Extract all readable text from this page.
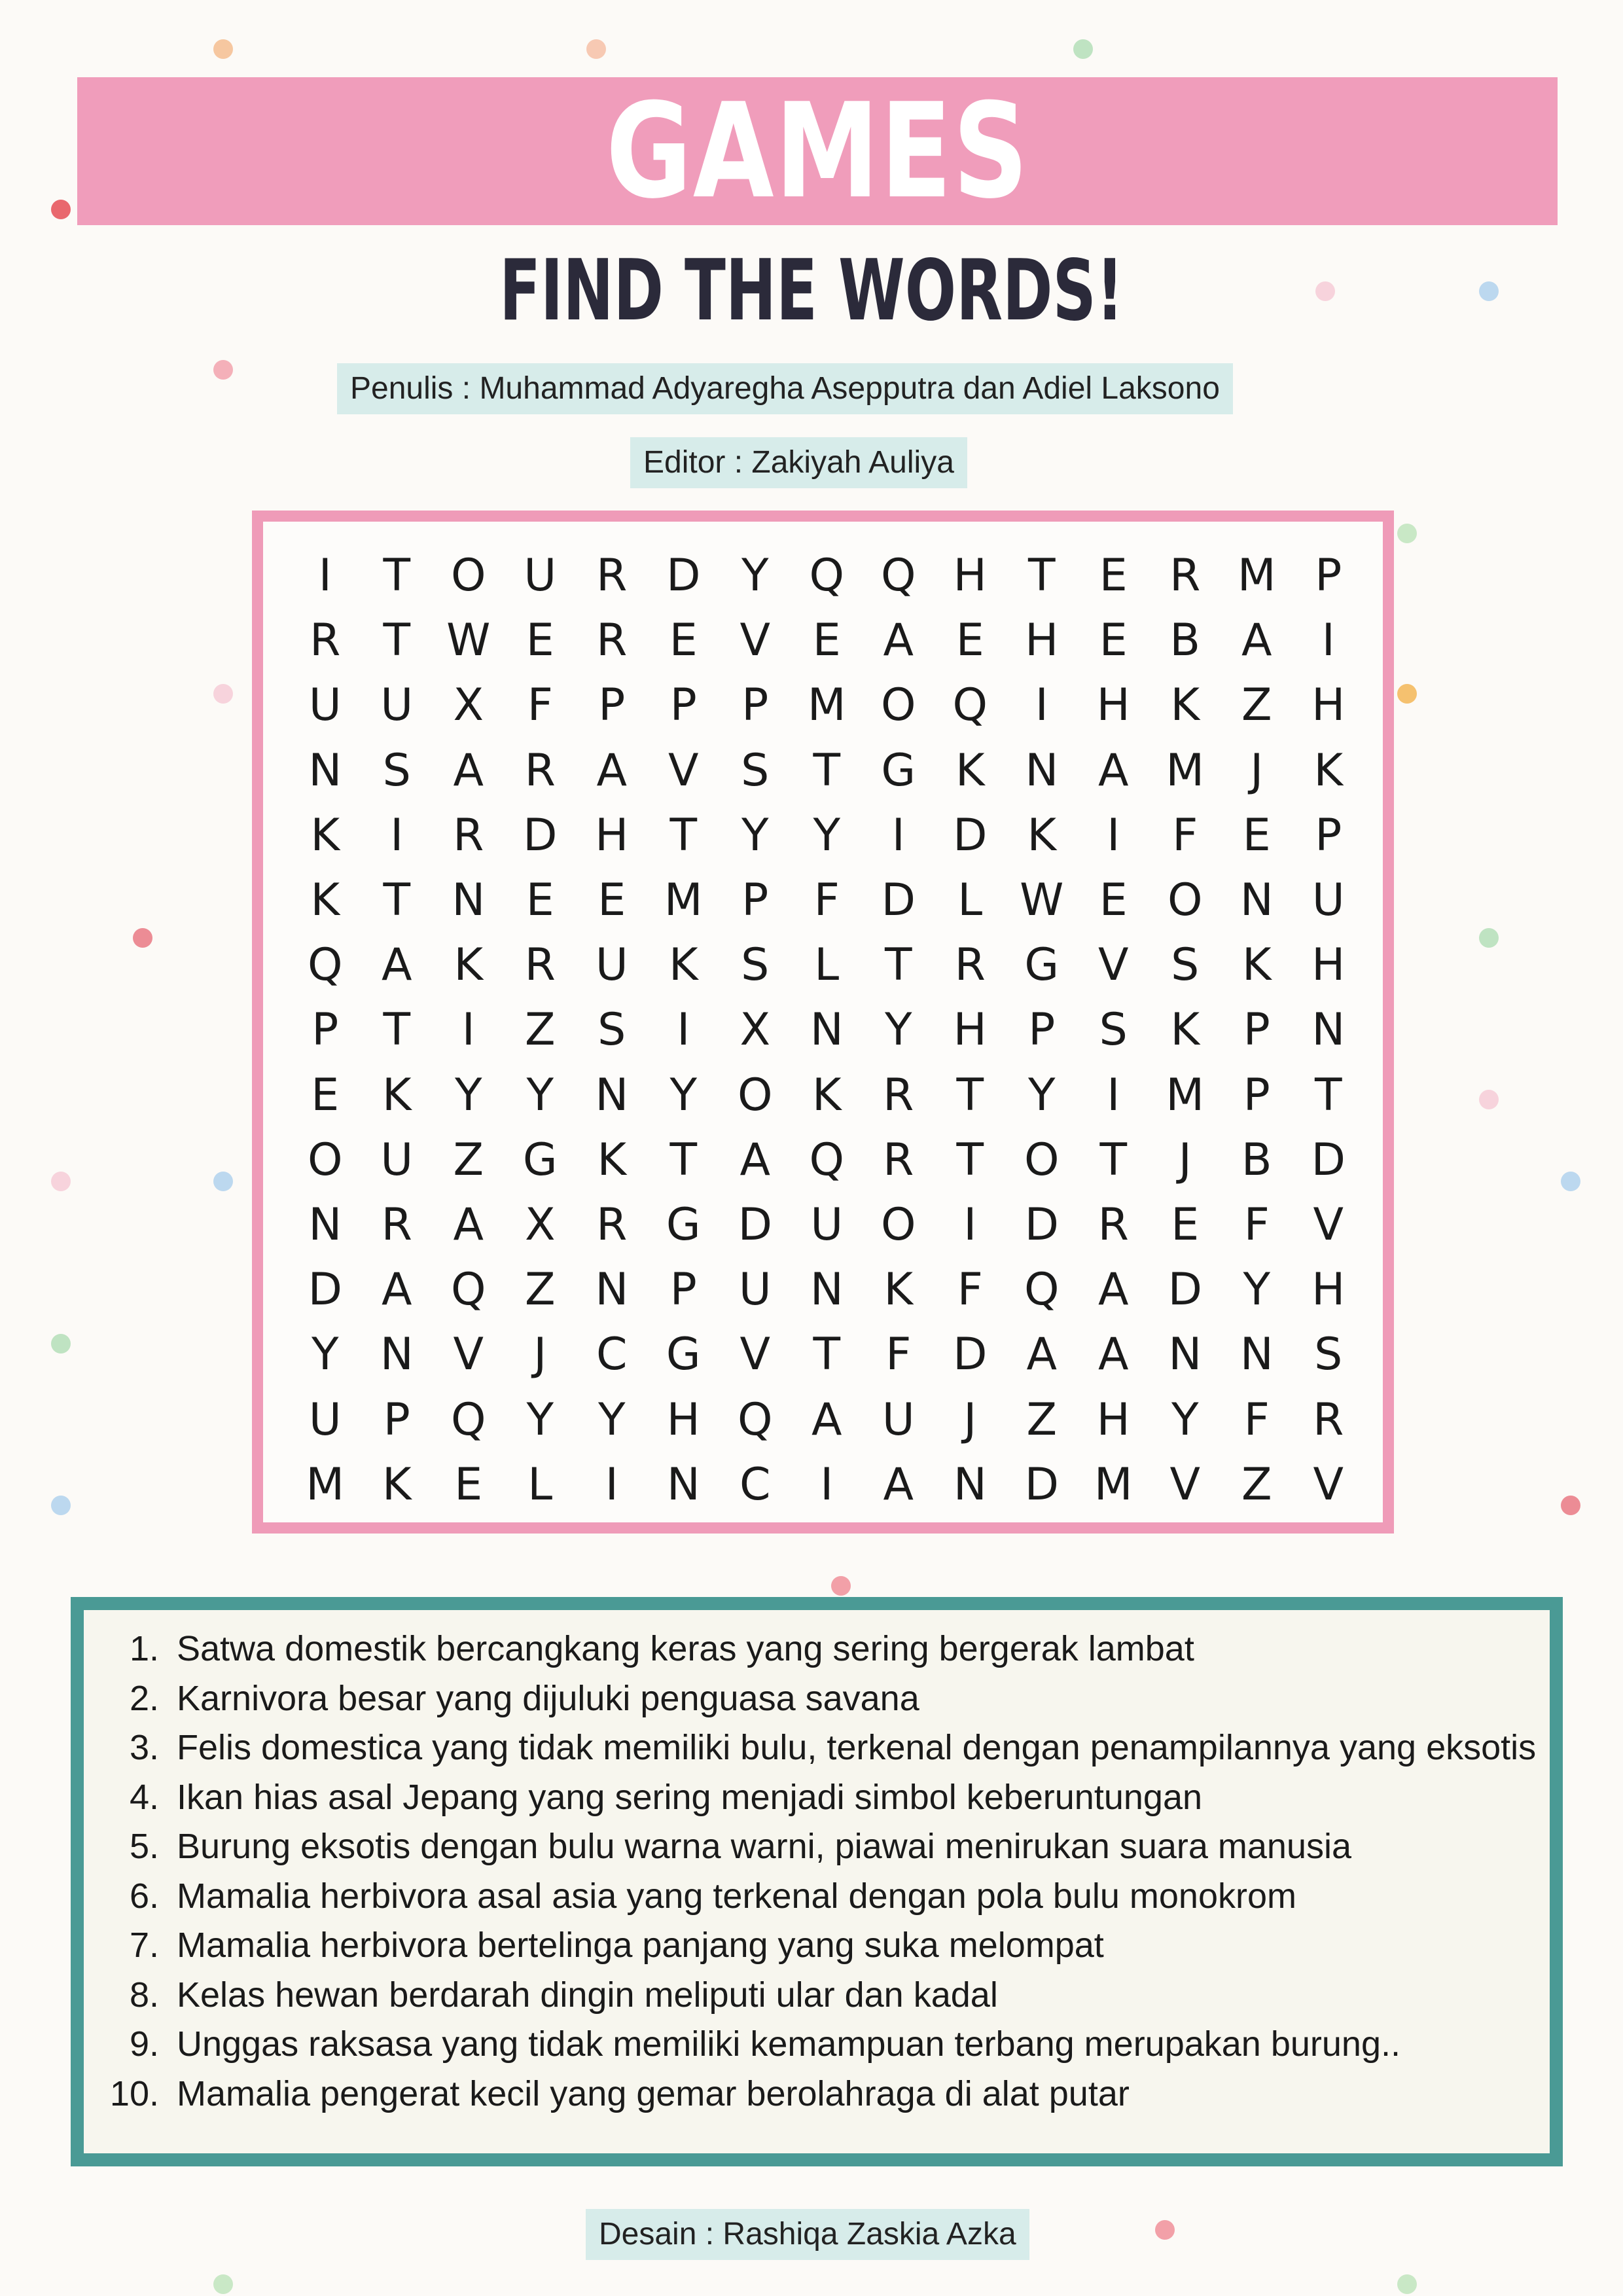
GAMES
FIND THE WORDS!
Penulis : Muhammad Adyaregha Asepputra dan Adiel Laksono
Editor : Zakiyah Auliya
I	T O U R D Y Q Q H T E R M P
R T W E R E V E A E H E B A	I
U U X F	P	P	P M O Q	I	H K Z H
N S A R A V S T G K N A M	J	K
K	I	R D H T Y Y	I	D K	I	F	E P
K T N E E M P	F D L W E O N U
Q A K R U K S	L	T R G V S K H
P	T	I	Z S	I	X N Y H P S K P N
E K Y Y N Y O K R T Y	I	M P	T
O U Z G K T A Q R T O T	J	B D
N R A X R G D U O	I	D R E	F V
D A Q Z N P U N K F Q A D Y H
Y N V	J	C G V T	F D A A N N S
U P Q Y Y H Q A U	J	Z H Y	F R
M K E	L	I	N C	I	A N D M V Z V
1. Satwa domestik bercangkang keras yang sering bergerak lambat
2. Karnivora besar yang dijuluki penguasa savana
3. Felis domestica yang tidak memiliki bulu, terkenal dengan penampilannya yang eksotis
4. Ikan hias asal Jepang yang sering menjadi simbol keberuntungan
5. Burung eksotis dengan bulu warna warni, piawai menirukan suara manusia
6. Mamalia herbivora asal asia yang terkenal dengan pola bulu monokrom
7. Mamalia herbivora bertelinga panjang yang suka melompat
8. Kelas hewan berdarah dingin meliputi ular dan kadal
9. Unggas raksasa yang tidak memiliki kemampuan terbang merupakan burung..
10. Mamalia pengerat kecil yang gemar berolahraga di alat putar
Desain : Rashiqa Zaskia Azka
